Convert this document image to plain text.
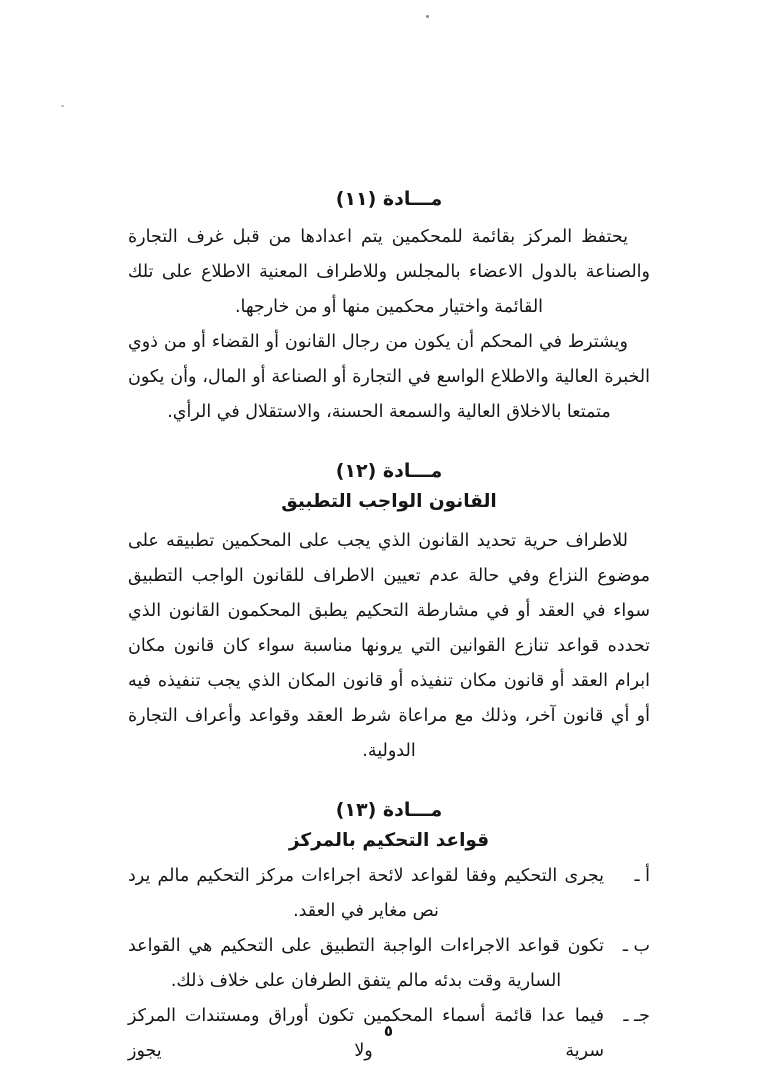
مـــادة (١١)

يحتفظ المركز بقائمة للمحكمين يتم اعدادها من قبل غرف التجارة والصناعة بالدول الاعضاء بالمجلس وللاطراف المعنية الاطلاع على تلك القائمة واختيار محكمين منها أو من خارجها.

ويشترط في المحكم أن يكون من رجال القانون أو القضاء أو من ذوي الخبرة العالية والاطلاع الواسع في التجارة أو الصناعة أو المال، وأن يكون متمتعا بالاخلاق العالية والسمعة الحسنة، والاستقلال في الرأي.

مـــادة (١٢)
القانون الواجب التطبيق

للاطراف حرية تحديد القانون الذي يجب على المحكمين تطبيقه على موضوع النزاع وفي حالة عدم تعيين الاطراف للقانون الواجب التطبيق سواء في العقد أو في مشارطة التحكيم يطبق المحكمون القانون الذي تحدده قواعد تنازع القوانين التي يرونها مناسبة سواء كان قانون مكان ابرام العقد أو قانون مكان تنفيذه أو قانون المكان الذي يجب تنفيذه فيه أو أي قانون آخر، وذلك مع مراعاة شرط العقد وقواعد وأعراف التجارة الدولية.

مـــادة (١٣)
قواعد التحكيم بالمركز
أ ـ
يجرى التحكيم وفقا لقواعد لائحة اجراءات مركز التحكيم مالم يرد نص مغاير في العقد.
ب ـ
تكون قواعد الاجراءات الواجبة التطبيق على التحكيم هي القواعد السارية وقت بدئه مالم يتفق الطرفان على خلاف ذلك.
جـ ـ
فيما عدا قائمة أسماء المحكمين تكون أوراق ومستندات المركز سرية ولا يجوز
٥
